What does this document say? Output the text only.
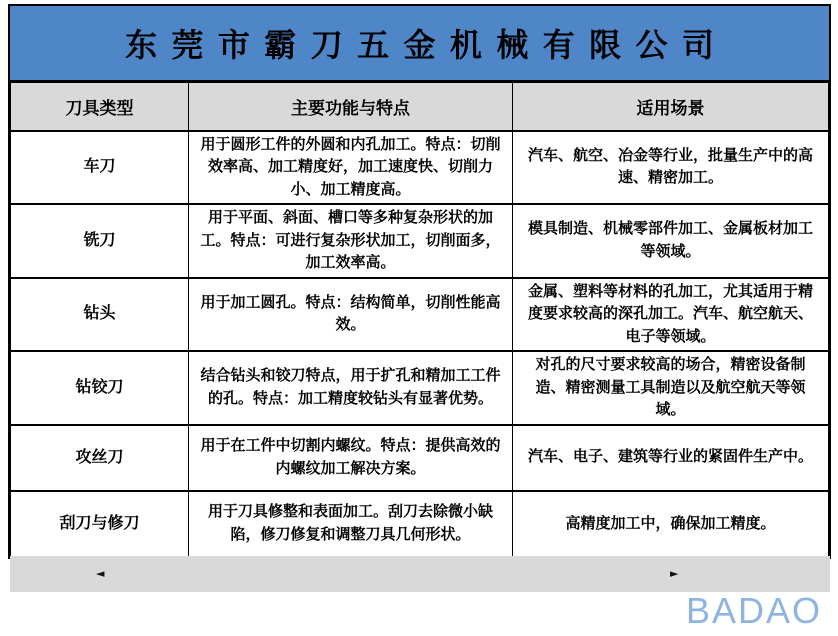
东莞市霸刀五金机械有限公司
刀具类型	主要功能与特点	适用场景
车刀	用于圆形工件的外圆和内孔加工。特点：切削效率高、加工精度好，加工速度快、切削力小、加工精度高。	汽车、航空、冶金等行业，批量生产中的高速、精密加工。
铣刀	用于平面、斜面、槽口等多种复杂形状的加工。特点：可进行复杂形状加工，切削面多，加工效率高。	模具制造、机械零部件加工、金属板材加工等领域。
钻头	用于加工圆孔。特点：结构简单，切削性能高效。	金属、塑料等材料的孔加工，尤其适用于精度要求较高的深孔加工。汽车、航空航天、电子等领域。
钻铰刀	结合钻头和铰刀特点，用于扩孔和精加工工件的孔。特点：加工精度较钻头有显著优势。	对孔的尺寸要求较高的场合，精密设备制造、精密测量工具制造以及航空航天等领域。
攻丝刀	用于在工件中切割内螺纹。特点：提供高效的内螺纹加工解决方案。	汽车、电子、建筑等行业的紧固件生产中。
刮刀与修刀	用于刀具修整和表面加工。刮刀去除微小缺陷，修刀修复和调整刀具几何形状。	高精度加工中，确保加工精度。
◄	►
BADAO
